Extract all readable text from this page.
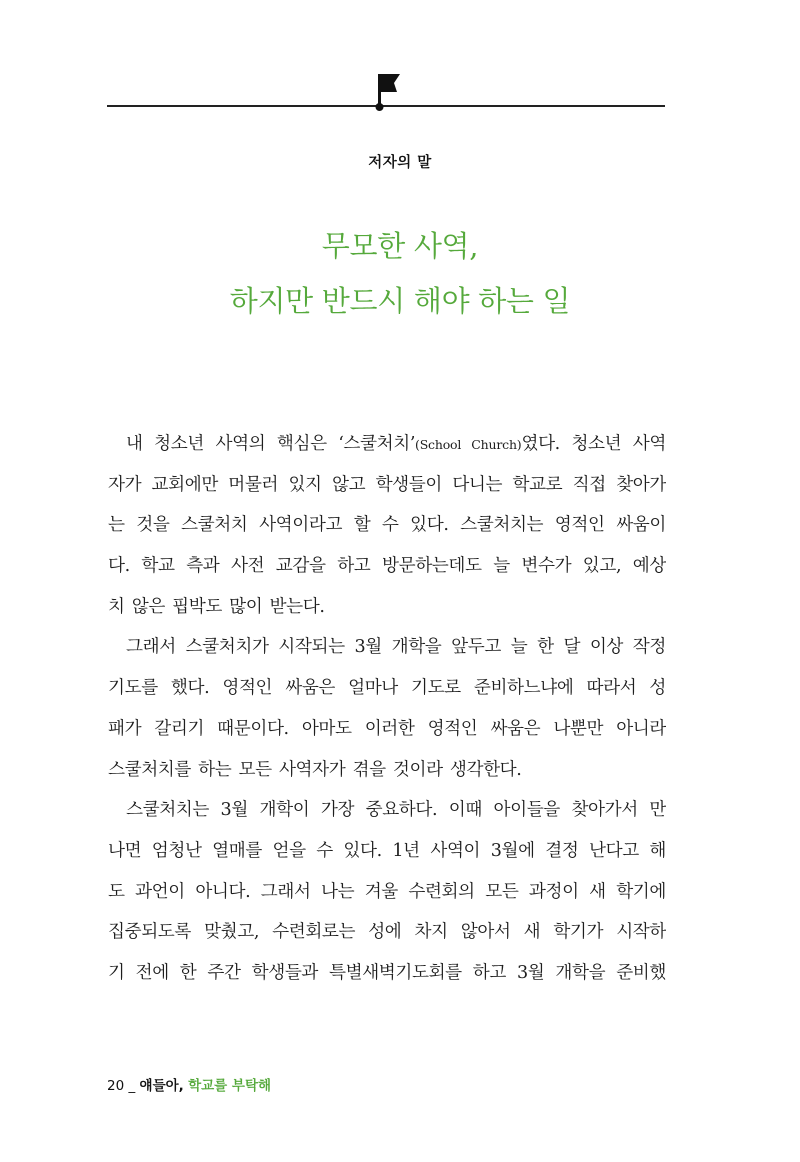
저자의 말
무모한 사역,
하지만 반드시 해야 하는 일
내 청소년 사역의 핵심은 ‘스쿨처치’(School Church)였다. 청소년 사역
자가 교회에만 머물러 있지 않고 학생들이 다니는 학교로 직접 찾아가
는 것을 스쿨처치 사역이라고 할 수 있다. 스쿨처치는 영적인 싸움이
다. 학교 측과 사전 교감을 하고 방문하는데도 늘 변수가 있고, 예상
치 않은 핍박도 많이 받는다.
그래서 스쿨처치가 시작되는 3월 개학을 앞두고 늘 한 달 이상 작정
기도를 했다. 영적인 싸움은 얼마나 기도로 준비하느냐에 따라서 성
패가 갈리기 때문이다. 아마도 이러한 영적인 싸움은 나뿐만 아니라
스쿨처치를 하는 모든 사역자가 겪을 것이라 생각한다.
스쿨처치는 3월 개학이 가장 중요하다. 이때 아이들을 찾아가서 만
나면 엄청난 열매를 얻을 수 있다. 1년 사역이 3월에 결정 난다고 해
도 과언이 아니다. 그래서 나는 겨울 수련회의 모든 과정이 새 학기에
집중되도록 맞췄고, 수련회로는 성에 차지 않아서 새 학기가 시작하
기 전에 한 주간 학생들과 특별새벽기도회를 하고 3월 개학을 준비했
20 _ 얘들아, 학교를 부탁해
